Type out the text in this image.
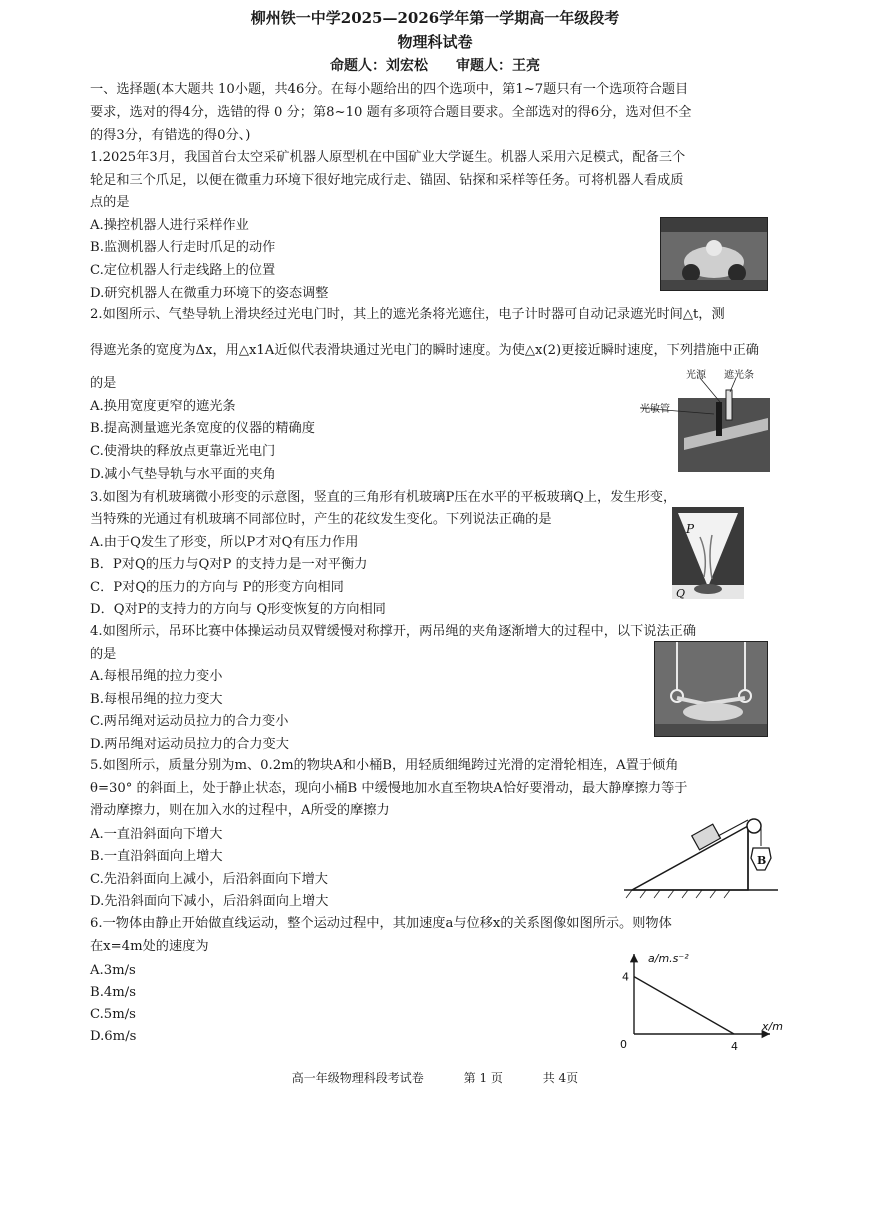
柳州铁一中学2025—2026学年第一学期高一年级段考
物理科试卷
命题人：刘宏松　　审题人：王亮
一、选择题(本大题共 10小题，共46分。在每小题给出的四个选项中，第1~7题只有一个选项符合题目
要求，选对的得4分，选错的得 0 分；第8~10 题有多项符合题目要求。全部选对的得6分，选对但不全
的得3分，有错选的得0分、)
1.2025年3月，我国首台太空采矿机器人原型机在中国矿业大学诞生。机器人采用六足模式，配备三个
轮足和三个爪足，以便在微重力环境下很好地完成行走、锚固、钻探和采样等任务。可将机器人看成质
点的是
A.操控机器人进行采样作业
B.监测机器人行走时爪足的动作
C.定位机器人行走线路上的位置
D.研究机器人在微重力环境下的姿态调整
2.如图所示、气垫导轨上滑块经过光电门时，其上的遮光条将光遮住，电子计时器可自动记录遮光时间△t，测
得遮光条的宽度为Δx，用△x1A近似代表滑块通过光电门的瞬时速度。为使△x(2)更接近瞬时速度，下列措施中正确
的是
A.换用宽度更窄的遮光条
B.提高测量遮光条宽度的仪器的精确度
C.使滑块的释放点更靠近光电门
D.减小气垫导轨与水平面的夹角
光源 遮光条
光敏管
3.如图为有机玻璃微小形变的示意图，竖直的三角形有机玻璃P压在水平的平板玻璃Q上，发生形变，
当特殊的光通过有机玻璃不同部位时，产生的花纹发生变化。下列说法正确的是
A.由于Q发生了形变，所以P才对Q有压力作用
B．P对Q的压力与Q对P 的支持力是一对平衡力
C．P对Q的压力的方向与 P的形变方向相同
D．Q对P的支持力的方向与 Q形变恢复的方向相同
P
Q
4.如图所示，吊环比赛中体操运动员双臂缓慢对称撑开，两吊绳的夹角逐渐增大的过程中，以下说法正确
的是
A.每根吊绳的拉力变小
B.每根吊绳的拉力变大
C.两吊绳对运动员拉力的合力变小
D.两吊绳对运动员拉力的合力变大
5.如图所示，质量分别为m、0.2m的物块A和小桶B，用轻质细绳跨过光滑的定滑轮相连，A置于倾角
θ=30° 的斜面上，处于静止状态，现向小桶B 中缓慢地加水直至物块A恰好要滑动，最大静摩擦力等于
滑动摩擦力，则在加入水的过程中，A所受的摩擦力
A.一直沿斜面向下增大
B.一直沿斜面向上增大
C.先沿斜面向上减小，后沿斜面向下增大
D.先沿斜面向下减小，后沿斜面向上增大
B
6.一物体由静止开始做直线运动，整个运动过程中，其加速度a与位移x的关系图像如图所示。则物体
在x=4m处的速度为
A.3m/s
B.4m/s
C.5m/s
D.6m/s
a/m.s⁻²
x/m
0
4
4
高一年级物理科段考试卷	第 1 页	共 4页
